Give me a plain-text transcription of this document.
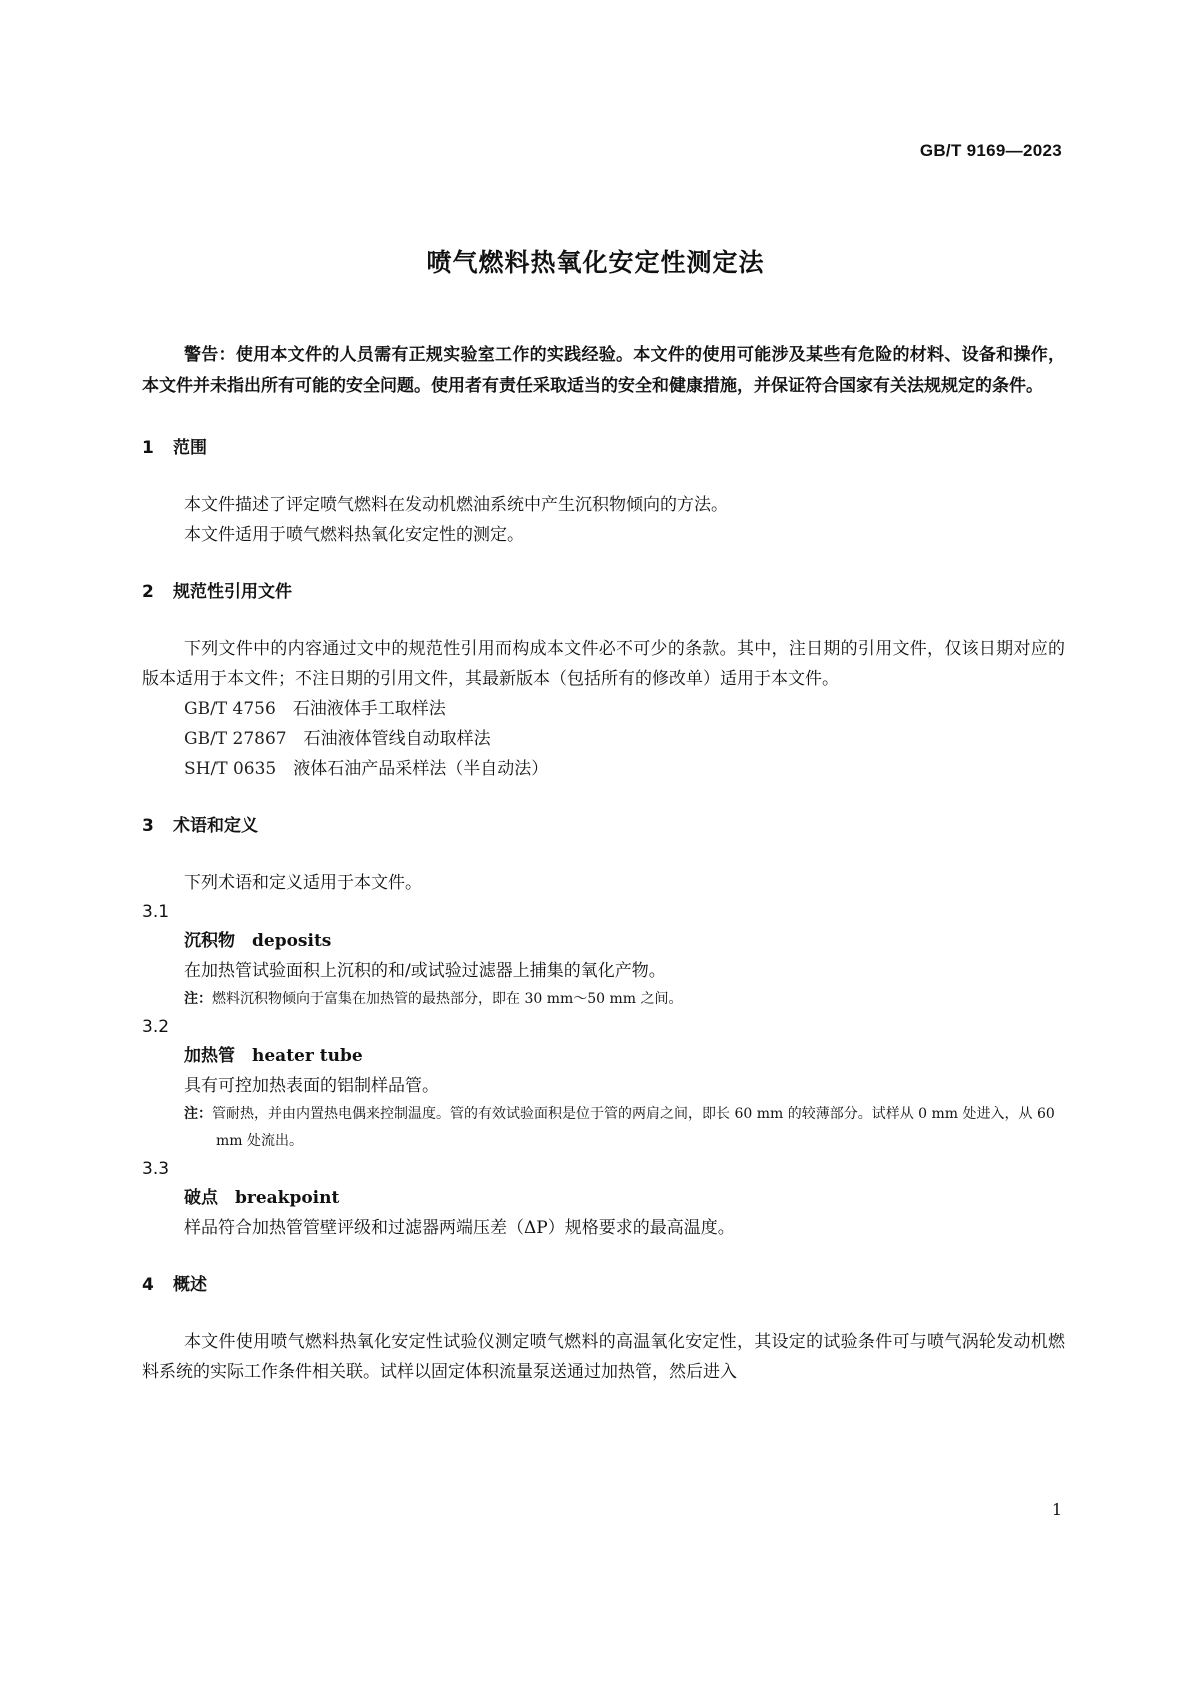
GB/T 9169—2023
喷气燃料热氧化安定性测定法

警告：使用本文件的人员需有正规实验室工作的实践经验。本文件的使用可能涉及某些有危险的材料、设备和操作，本文件并未指出所有可能的安全问题。使用者有责任采取适当的安全和健康措施，并保证符合国家有关法规规定的条件。

1 范围

本文件描述了评定喷气燃料在发动机燃油系统中产生沉积物倾向的方法。

本文件适用于喷气燃料热氧化安定性的测定。

2 规范性引用文件

下列文件中的内容通过文中的规范性引用而构成本文件必不可少的条款。其中，注日期的引用文件，仅该日期对应的版本适用于本文件；不注日期的引用文件，其最新版本（包括所有的修改单）适用于本文件。

GB/T 4756　 石油液体手工取样法

GB/T 27867　 石油液体管线自动取样法

SH/T 0635　 液体石油产品采样法（半自动法）

3 术语和定义

下列术语和定义适用于本文件。

3.1
沉积物　 deposits
在加热管试验面积上沉积的和/或试验过滤器上捕集的氧化产物。
注：燃料沉积物倾向于富集在加热管的最热部分，即在 30 mm～50 mm 之间。
3.2
加热管　 heater tube
具有可控加热表面的铝制样品管。
注：管耐热，并由内置热电偶来控制温度。管的有效试验面积是位于管的两肩之间，即长 60 mm 的较薄部分。试样从 0 mm 处进入，从 60 mm 处流出。
3.3
破点　 breakpoint
样品符合加热管管壁评级和过滤器两端压差（ΔP）规格要求的最高温度。
4 概述

本文件使用喷气燃料热氧化安定性试验仪测定喷气燃料的高温氧化安定性，其设定的试验条件可与喷气涡轮发动机燃料系统的实际工作条件相关联。试样以固定体积流量泵送通过加热管，然后进入

1
